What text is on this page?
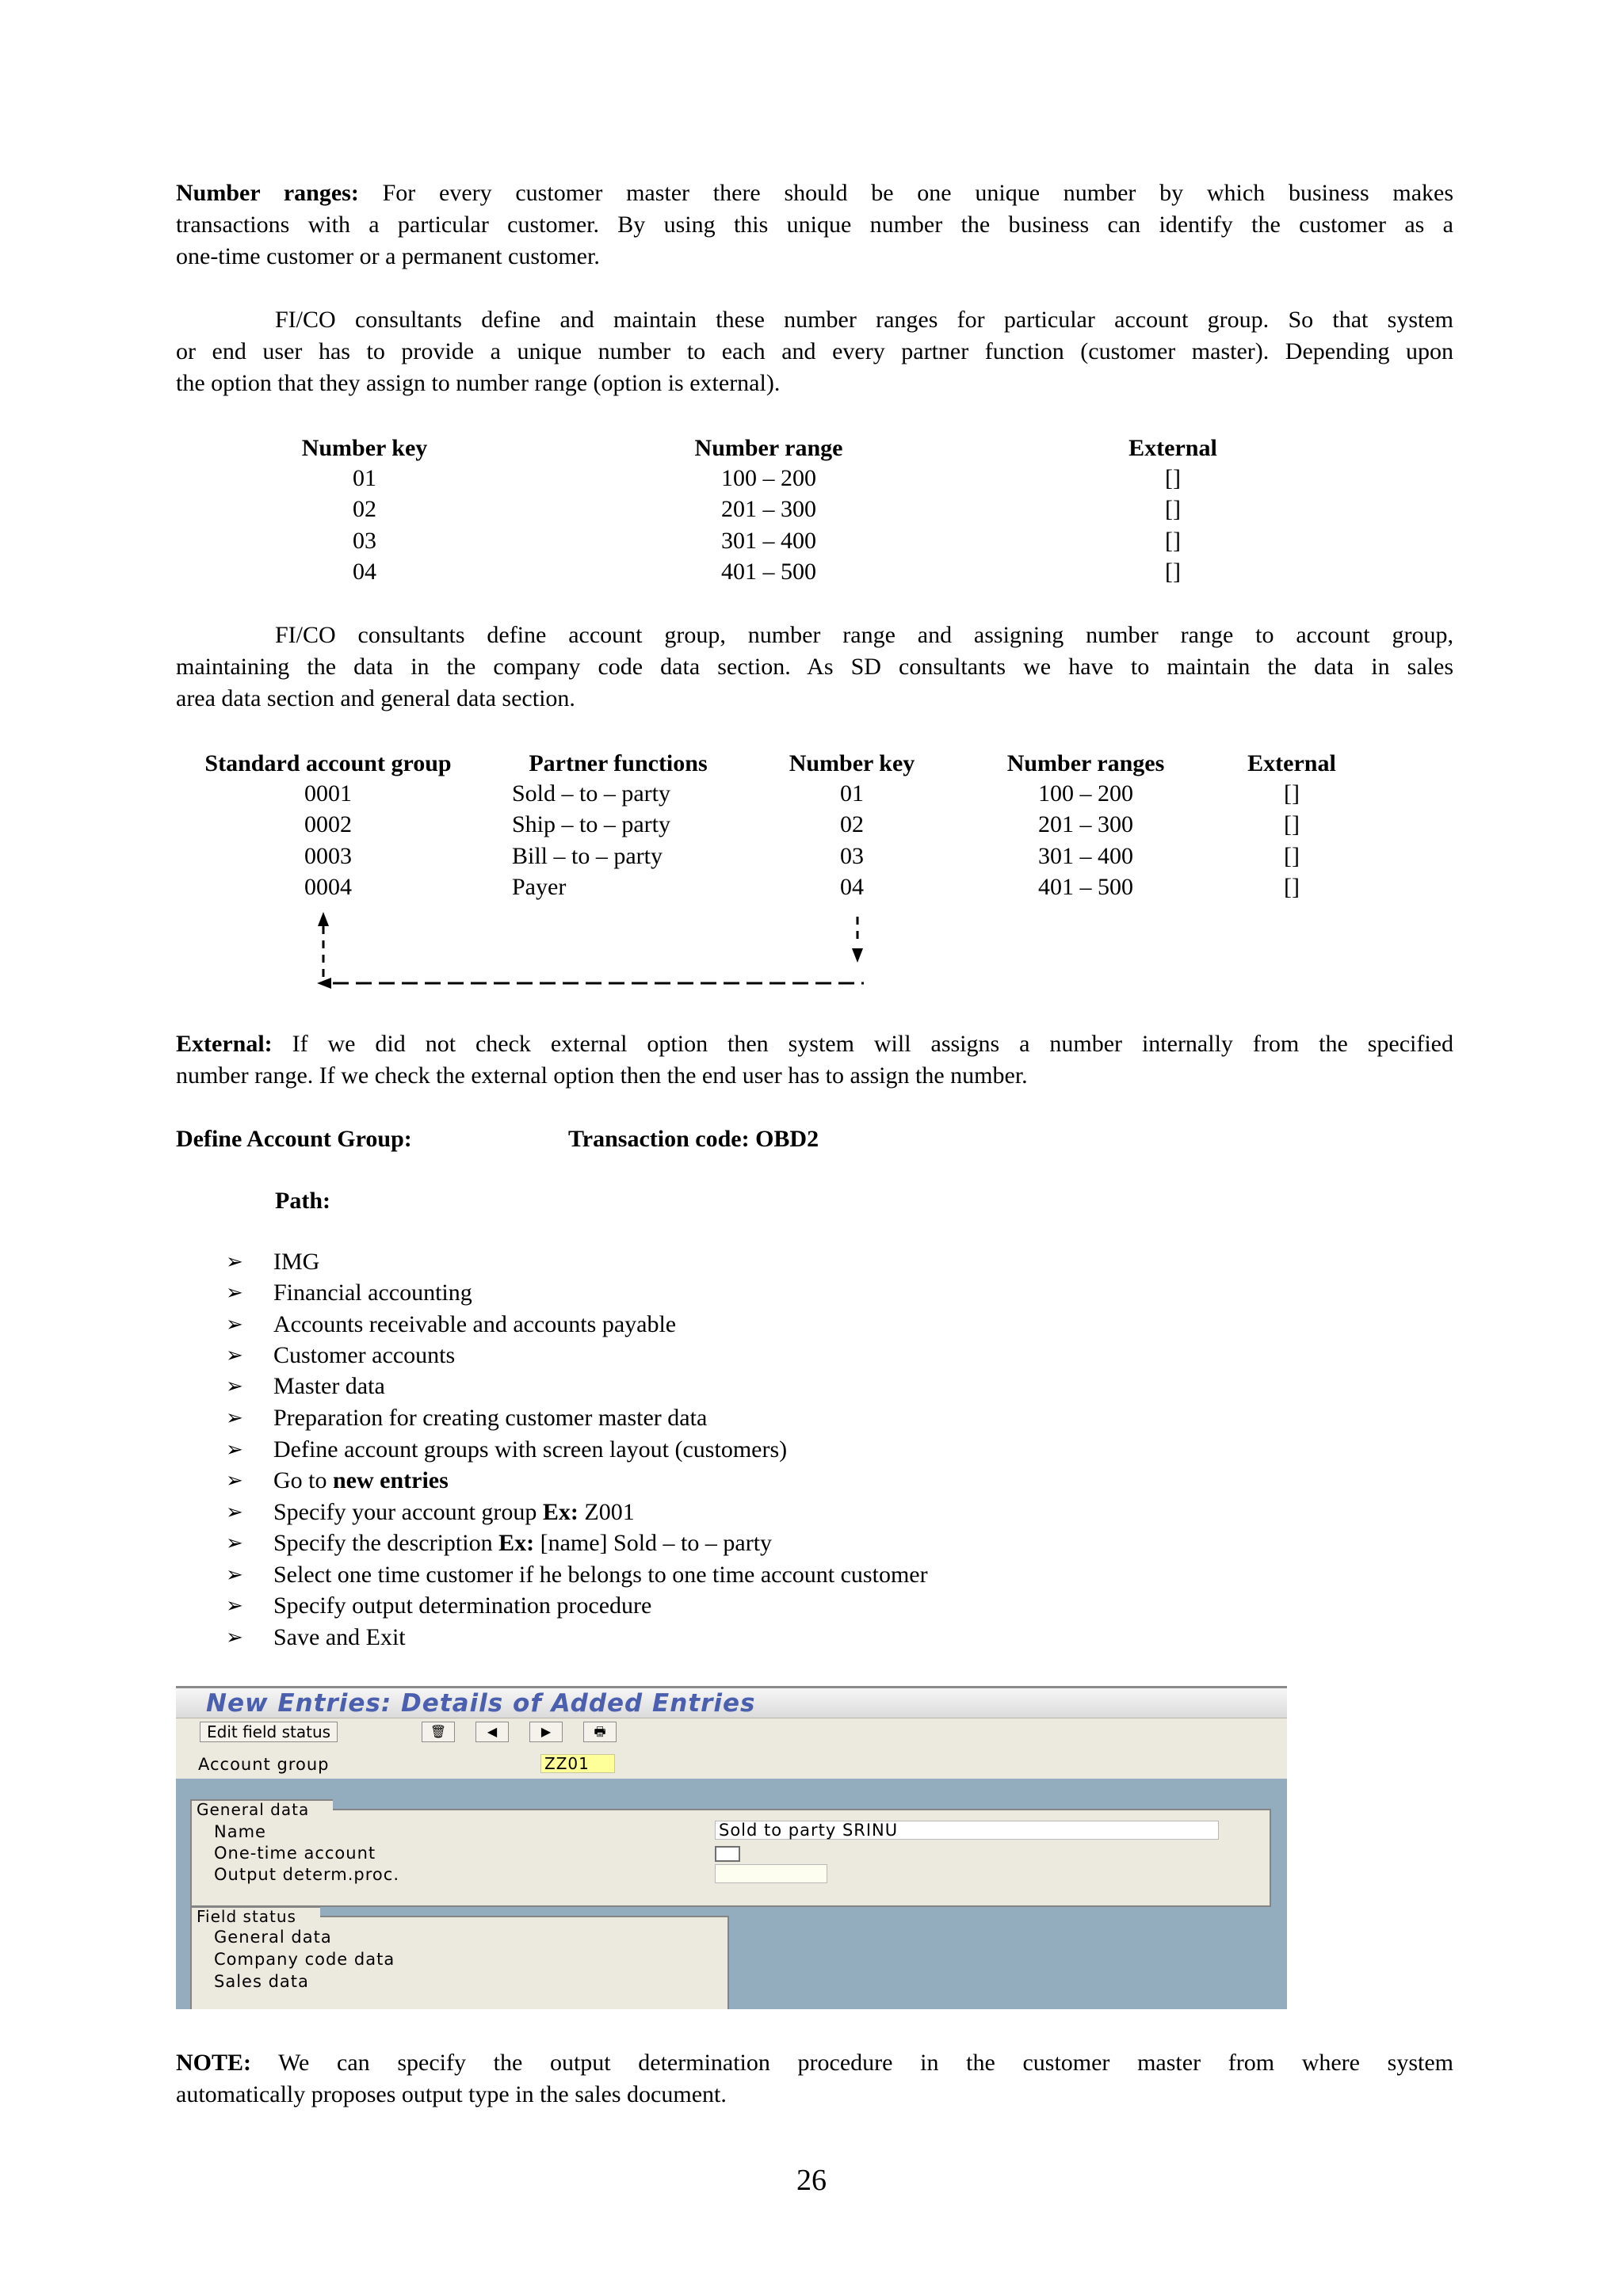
Number ranges: For every customer master there should be one unique number by which business makes
transactions with a particular customer. By using this unique number the business can identify the customer as a
one-time customer or a permanent customer.
FI/CO consultants define and maintain these number ranges for particular account group. So that system
or end user has to provide a unique number to each and every partner function (customer master). Depending upon
the option that they assign to number range (option is external).
Number key	Number range	External
01	100 – 200	[]
02	201 – 300	[]
03	301 – 400	[]
04	401 – 500	[]
FI/CO consultants define account group, number range and assigning number range to account group,
maintaining the data in the company code data section. As SD consultants we have to maintain the data in sales
area data section and general data section.
Standard account group	Partner functions	Number key	Number ranges	External
0001	Sold – to – party	01	100 – 200	[]
0002	Ship – to – party	02	201 – 300	[]
0003	Bill – to – party	03	301 – 400	[]
0004	Payer	04	401 – 500	[]
External: If we did not check external option then system will assigns a number internally from the specified
number range. If we check the external option then the end user has to assign the number.
Define Account Group:	Transaction code: OBD2
Path:
➢ IMG
➢ Financial accounting
➢ Accounts receivable and accounts payable
➢ Customer accounts
➢ Master data
➢ Preparation for creating customer master data
➢ Define account groups with screen layout (customers)
➢ Go to new entries
➢ Specify your account group Ex: Z001
➢ Specify the description Ex: [name] Sold – to – party
➢ Select one time customer if he belongs to one time account customer
➢ Specify output determination procedure
➢ Save and Exit
New Entries: Details of Added Entries
Edit field status	🗑	◀	▶	🖶
Account group	ZZ01
General data
Name	Sold to party SRINU
One-time account
Output determ.proc.
Field status
General data
Company code data
Sales data
NOTE: We can specify the output determination procedure in the customer master from where system
automatically proposes output type in the sales document.
26
